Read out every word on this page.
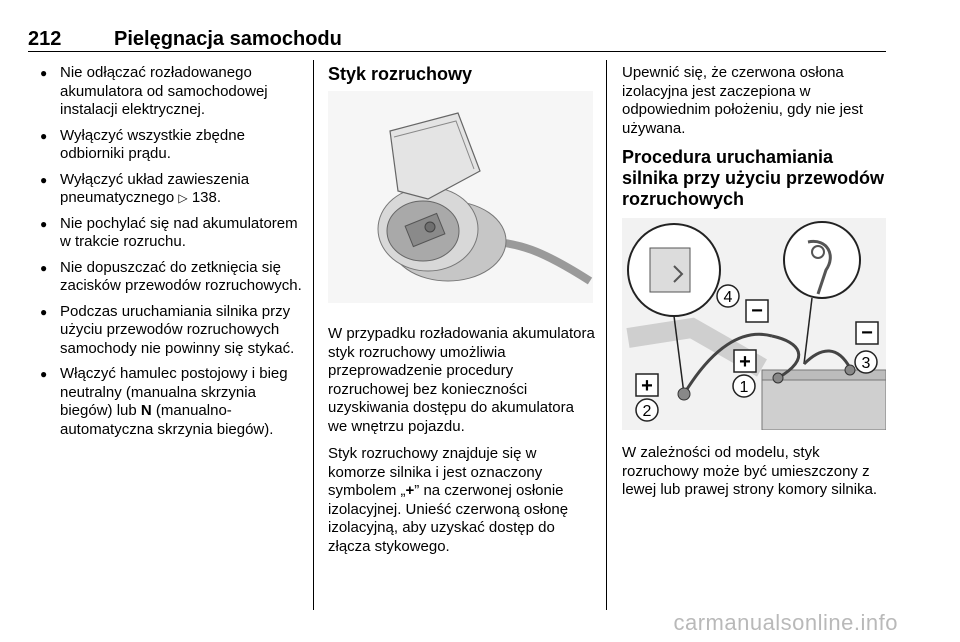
212	Pielęgnacja samochodu
● Nie odłączać rozładowanego akumulatora od samochodowej instalacji elektrycznej.
● Wyłączyć wszystkie zbędne odbiorniki prądu.
● Wyłączyć układ zawieszenia pneumatycznego ▷ 138.
● Nie pochylać się nad akumulatorem w trakcie rozruchu.
● Nie dopuszczać do zetknięcia się zacisków przewodów rozruchowych.
● Podczas uruchamiania silnika przy użyciu przewodów rozruchowych samochody nie powinny się stykać.
● Włączyć hamulec postojowy i bieg neutralny (manualna skrzynia biegów) lub N (manualno-automatyczna skrzynia biegów).
Styk rozruchowy
W przypadku rozładowania akumulatora styk rozruchowy umożliwia przeprowadzenie procedury rozruchowej bez konieczności uzyskiwania dostępu do akumulatora we wnętrzu pojazdu.
Styk rozruchowy znajduje się w komorze silnika i jest oznaczony symbolem „+” na czerwonej osłonie izolacyjnej. Unieść czerwoną osłonę izolacyjną, aby uzyskać dostęp do złącza stykowego.
Upewnić się, że czerwona osłona izolacyjna jest zaczepiona w odpowiednim położeniu, gdy nie jest używana.
Procedura uruchamiania silnika przy użyciu przewodów rozruchowych
+
+
−
−
4
1
2
3
W zależności od modelu, styk rozruchowy może być umieszczony z lewej lub prawej strony komory silnika.
carmanualsonline.info
